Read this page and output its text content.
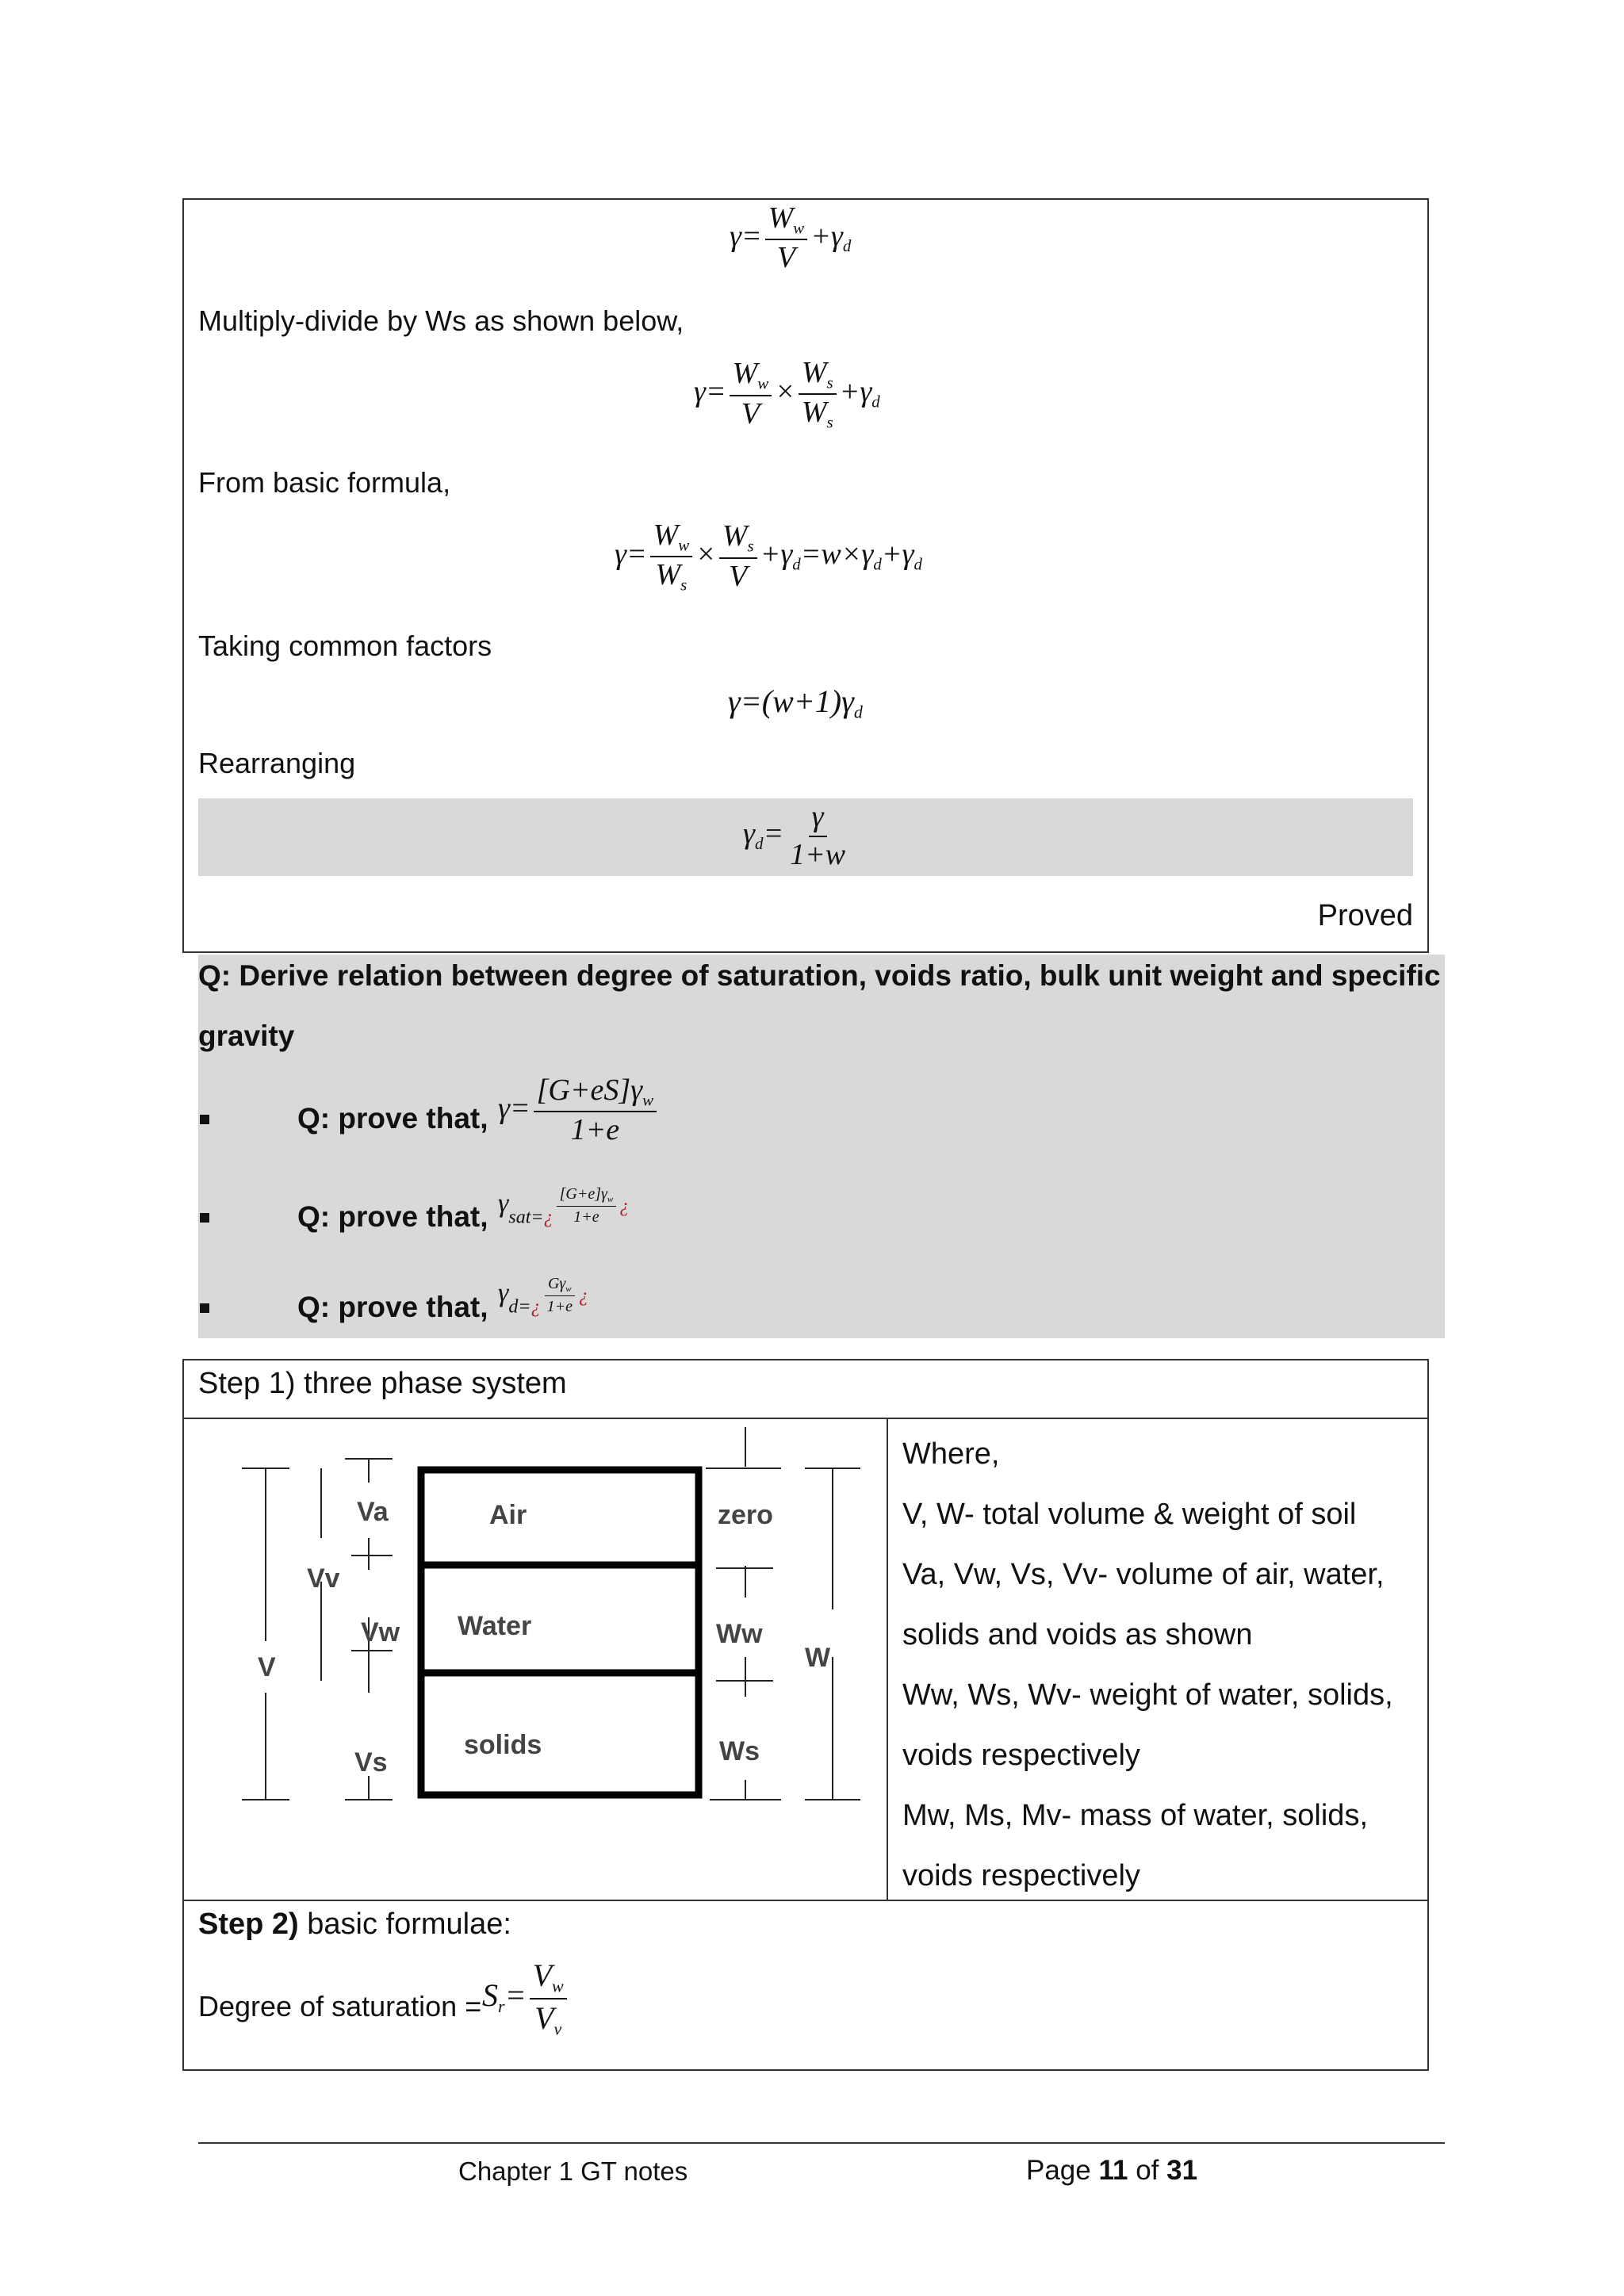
$\gamma= \frac{W_w}{V} +\gamma_d$
Multiply-divide by Ws as shown below,
$\gamma= \frac{W_w}{V} \times \frac{W_s}{W_s} +\gamma_d$
From basic formula,
$\gamma= \frac{W_w}{W_s} \times \frac{W_s}{V} +\gamma_d=w\times\gamma_d+\gamma_d$
Taking common factors
$\gamma=(w+1)\gamma_d$
Rearranging
$\gamma_d= \frac{\gamma}{1+w}$
Proved
Q: Derive relation between degree of saturation, voids ratio, bulk unit weight and specific
gravity
Q: prove that, $\gamma= \frac{[G+eS]\gamma_w}{1+e}$
Q: prove that, $\gamma_{sat=¿} \frac{[G+e]\gamma_w}{1+e}$ ¿
Q: prove that, $\gamma_{d=¿} \frac{G\gamma_w}{1+e}$ ¿
Step 1) three phase system
Va
Vv
Vw
V
Vs
Air
Water
solids
zero
Ww
W
Ws
Where,
V, W- total volume & weight of soil
Va, Vw, Vs, Vv- volume of air, water,
solids and voids as shown
Ww, Ws, Wv- weight of water, solids,
voids respectively
Mw, Ms, Mv- mass of water, solids,
voids respectively
Step 2) basic formulae:
Degree of saturation = $S_r= \frac{V_w}{V_v}$
Chapter 1 GT notes	Page 11 of 31
